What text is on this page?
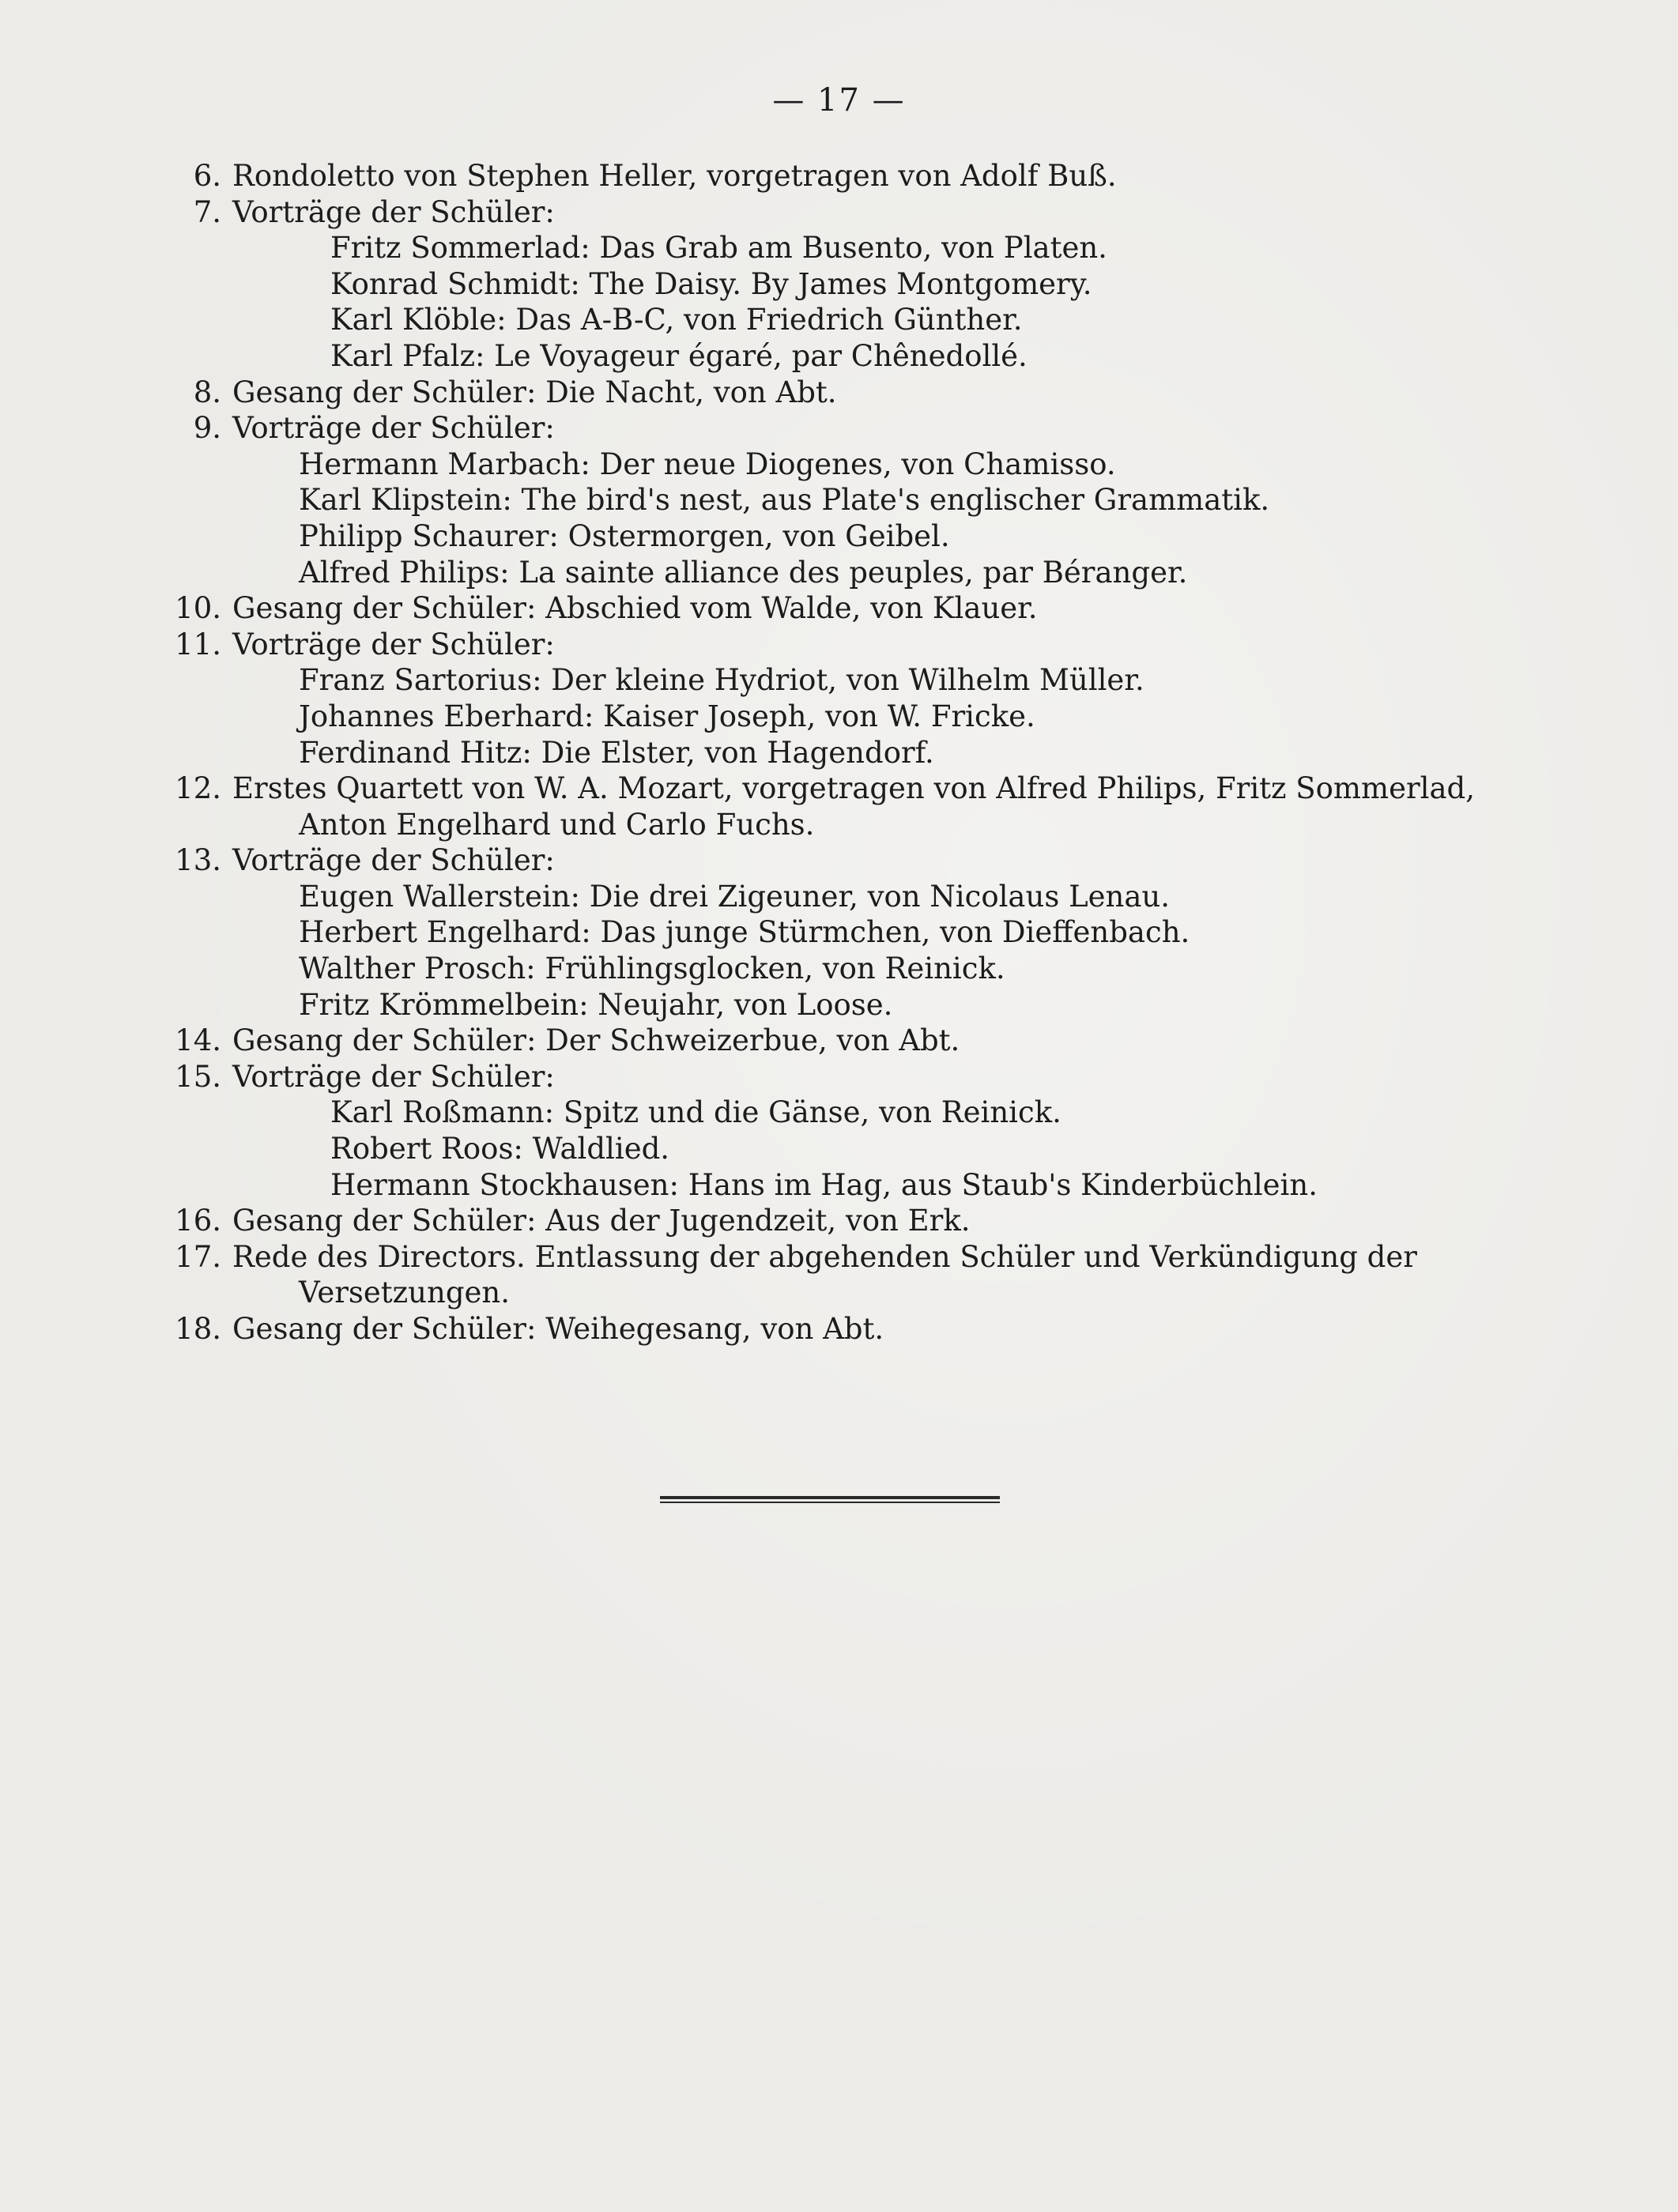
— 17 —
6. Rondoletto von Stephen Heller, vorgetragen von Adolf Buß.
7. Vorträge der Schüler:
Fritz Sommerlad: Das Grab am Busento, von Platen.
Konrad Schmidt: The Daisy. By James Montgomery.
Karl Klöble: Das A-B-C, von Friedrich Günther.
Karl Pfalz: Le Voyageur égaré, par Chênedollé.
8. Gesang der Schüler: Die Nacht, von Abt.
9. Vorträge der Schüler:
Hermann Marbach: Der neue Diogenes, von Chamisso.
Karl Klipstein: The bird's nest, aus Plate's englischer Grammatik.
Philipp Schaurer: Ostermorgen, von Geibel.
Alfred Philips: La sainte alliance des peuples, par Béranger.
10. Gesang der Schüler: Abschied vom Walde, von Klauer.
11. Vorträge der Schüler:
Franz Sartorius: Der kleine Hydriot, von Wilhelm Müller.
Johannes Eberhard: Kaiser Joseph, von W. Fricke.
Ferdinand Hitz: Die Elster, von Hagendorf.
12. Erstes Quartett von W. A. Mozart, vorgetragen von Alfred Philips, Fritz Sommerlad,
Anton Engelhard und Carlo Fuchs.
13. Vorträge der Schüler:
Eugen Wallerstein: Die drei Zigeuner, von Nicolaus Lenau.
Herbert Engelhard: Das junge Stürmchen, von Dieffenbach.
Walther Prosch: Frühlingsglocken, von Reinick.
Fritz Krömmelbein: Neujahr, von Loose.
14. Gesang der Schüler: Der Schweizerbue, von Abt.
15. Vorträge der Schüler:
Karl Roßmann: Spitz und die Gänse, von Reinick.
Robert Roos: Waldlied.
Hermann Stockhausen: Hans im Hag, aus Staub's Kinderbüchlein.
16. Gesang der Schüler: Aus der Jugendzeit, von Erk.
17. Rede des Directors. Entlassung der abgehenden Schüler und Verkündigung der
Versetzungen.
18. Gesang der Schüler: Weihegesang, von Abt.
